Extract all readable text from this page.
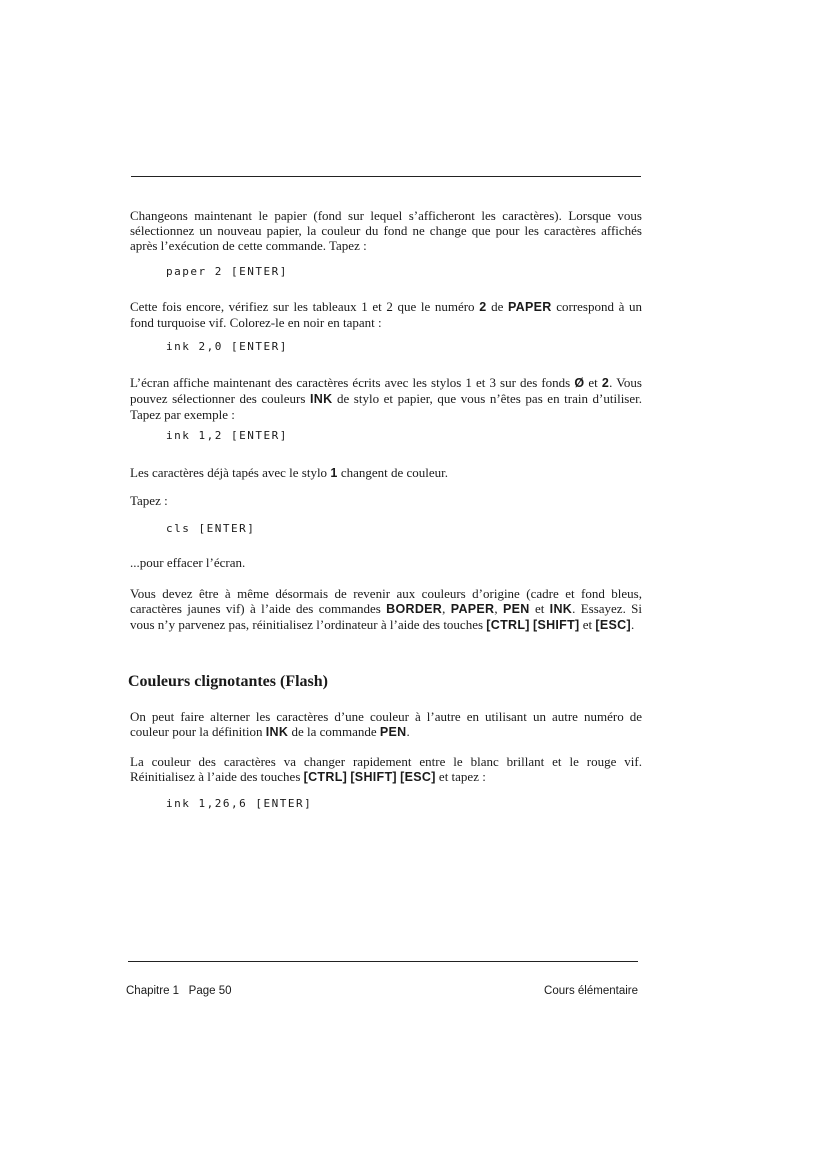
Changeons maintenant le papier (fond sur lequel s’afficheront les caractères). Lorsque vous sélectionnez un nouveau papier, la couleur du fond ne change que pour les caractères affichés après l’exécution de cette commande. Tapez :

paper 2 [ENTER]

Cette fois encore, vérifiez sur les tableaux 1 et 2 que le numéro 2 de PAPER correspond à un fond turquoise vif. Colorez-le en noir en tapant :

ink 2,0 [ENTER]

L’écran affiche maintenant des caractères écrits avec les stylos 1 et 3 sur des fonds Ø et 2. Vous pouvez sélectionner des couleurs INK de stylo et papier, que vous n’êtes pas en train d’utiliser. Tapez par exemple :

ink 1,2 [ENTER]

Les caractères déjà tapés avec le stylo 1 changent de couleur.

Tapez :

cls [ENTER]

...pour effacer l’écran.

Vous devez être à même désormais de revenir aux couleurs d’origine (cadre et fond bleus, caractères jaunes vif) à l’aide des commandes BORDER, PAPER, PEN et INK. Essayez. Si vous n’y parvenez pas, réinitialisez l’ordinateur à l’aide des touches [CTRL] [SHIFT] et [ESC].

Couleurs clignotantes (Flash)

On peut faire alterner les caractères d’une couleur à l’autre en utilisant un autre numéro de couleur pour la définition INK de la commande PEN.

La couleur des caractères va changer rapidement entre le blanc brillant et le rouge vif. Réinitialisez à l’aide des touches [CTRL] [SHIFT] [ESC] et tapez :

ink 1,26,6 [ENTER]

Chapitre 1   Page 50	Cours élémentaire
